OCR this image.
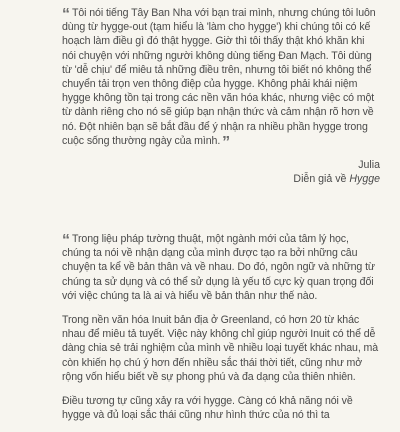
“ Tôi nói tiếng Tây Ban Nha với bạn trai mình, nhưng chúng tôi luôn dùng từ hygge-out (tạm hiểu là 'làm cho hygge') khi chúng tôi có kế hoạch làm điều gì đó thật hygge. Giờ thì tôi thấy thật khó khăn khi nói chuyện với những người không dùng tiếng Đan Mạch. Tôi dùng từ 'dễ chịu' để miêu tả những điều trên, nhưng tôi biết nó không thể chuyển tải trọn ven thông điệp của hygge. Không phải khái niệm hygge không tồn tại trong các nền văn hóa khác, nhưng việc có một từ dành riêng cho nó sẽ giúp bạn nhận thức và cảm nhận rõ hơn về nó. Đột nhiên bạn sẽ bắt đầu để ý nhận ra nhiều phần hygge trong cuộc sống thường ngày của mình. ”

Julia
Diễn giả về Hygge

“ Trong liệu pháp tường thuật, một ngành mới của tâm lý học, chúng ta nói về nhận dạng của mình được tạo ra bởi những câu chuyện ta kể về bản thân và về nhau. Do đó, ngôn ngữ và những từ chúng ta sử dụng và có thể sử dụng là yếu tố cực kỳ quan trọng đối với việc chúng ta là ai và hiểu về bản thân như thế nào.

Trong nền văn hóa Inuit bản địa ở Greenland, có hơn 20 từ khác nhau để miêu tả tuyết. Việc này không chỉ giúp người Inuit có thể dễ dàng chia sẻ trải nghiệm của mình về nhiều loại tuyết khác nhau, mà còn khiến họ chú ý hơn đến nhiều sắc thái thời tiết, cũng như mở rộng vốn hiểu biết về sự phong phú và đa dạng của thiên nhiên.

Điều tương tự cũng xảy ra với hygge. Càng có khả năng nói về hygge và đủ loại sắc thái cũng như hình thức của nó thì ta
